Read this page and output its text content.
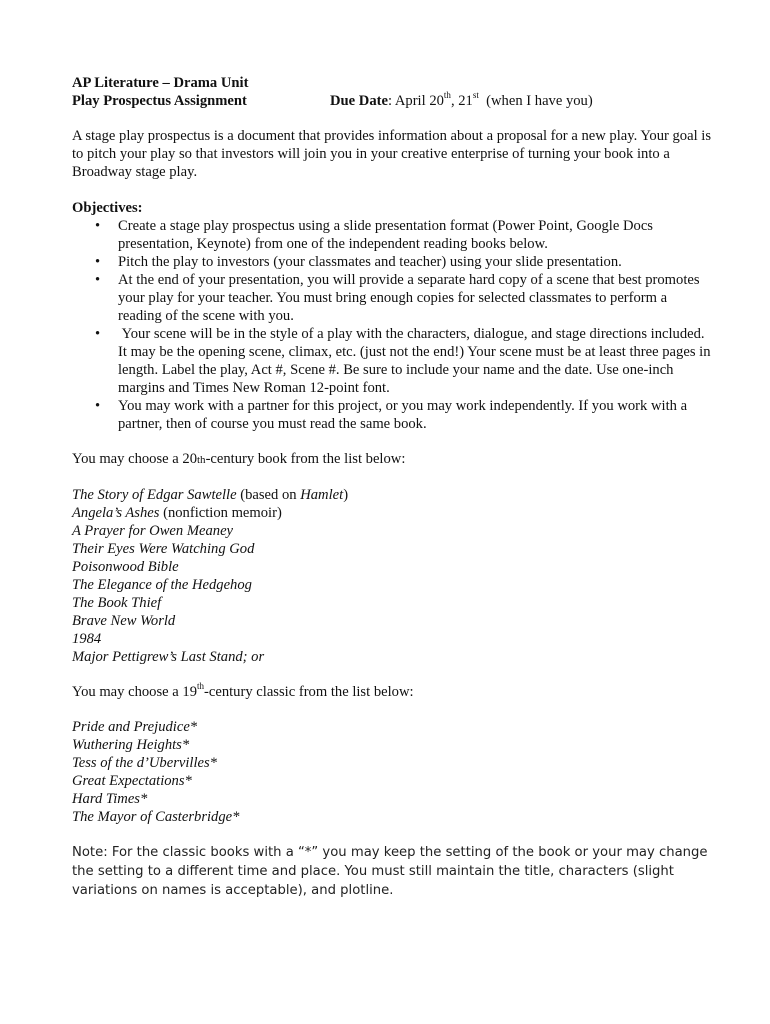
AP Literature – Drama Unit
Play Prospectus Assignment	Due Date: April 20th, 21st  (when I have you)

A stage play prospectus is a document that provides information about a proposal for a new play. Your goal is to pitch your play so that investors will join you in your creative enterprise of turning your book into a Broadway stage play.

Objectives:

• Create a stage play prospectus using a slide presentation format (Power Point, Google Docs presentation, Keynote) from one of the independent reading books below.
• Pitch the play to investors (your classmates and teacher) using your slide presentation.
• At the end of your presentation, you will provide a separate hard copy of a scene that best promotes your play for your teacher. You must bring enough copies for selected classmates to perform a reading of the scene with you.
•  Your scene will be in the style of a play with the characters, dialogue, and stage directions included. It may be the opening scene, climax, etc. (just not the end!) Your scene must be at least three pages in length. Label the play, Act #, Scene #. Be sure to include your name and the date. Use one-inch margins and Times New Roman 12-point font.
• You may work with a partner for this project, or you may work independently. If you work with a partner, then of course you must read the same book.

You may choose a 20th-century book from the list below:

The Story of Edgar Sawtelle (based on Hamlet)
Angela’s Ashes (nonfiction memoir)
A Prayer for Owen Meaney
Their Eyes Were Watching God
Poisonwood Bible
The Elegance of the Hedgehog
The Book Thief
Brave New World
1984
Major Pettigrew’s Last Stand; or

You may choose a 19th-century classic from the list below:

Pride and Prejudice*
Wuthering Heights*
Tess of the d’Ubervilles*
Great Expectations*
Hard Times*
The Mayor of Casterbridge*

Note: For the classic books with a “*” you may keep the setting of the book or your may change the setting to a different time and place. You must still maintain the title, characters (slight variations on names is acceptable), and plotline.
